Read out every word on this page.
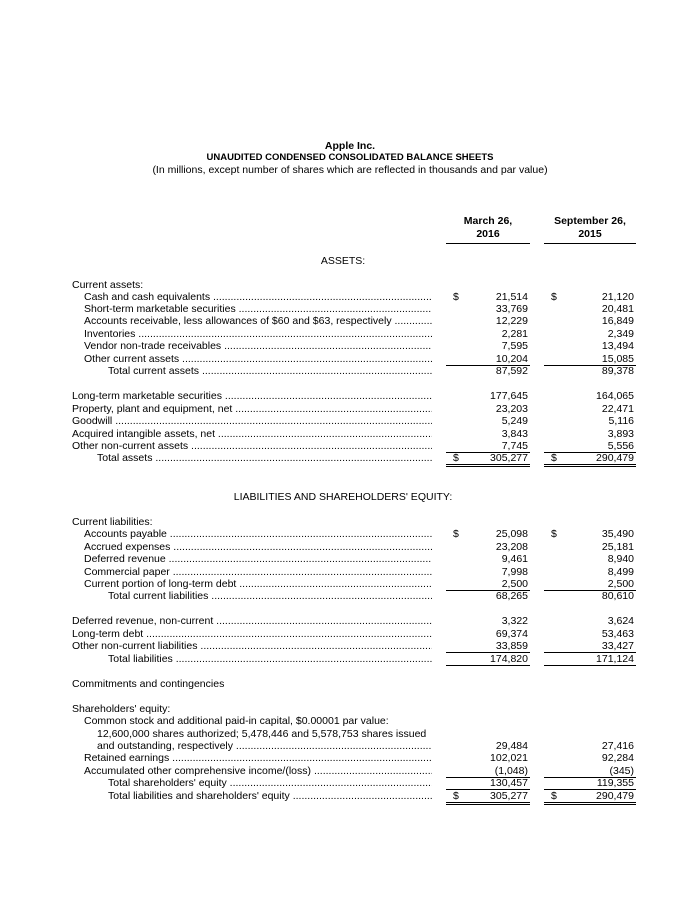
Apple Inc.
UNAUDITED CONDENSED CONSOLIDATED BALANCE SHEETS
(In millions, except number of shares which are reflected in thousands and par value)
March 26,
2016
September 26,
2015
ASSETS:
LIABILITIES AND SHAREHOLDERS' EQUITY:
Current assets:
Cash and cash equivalents .....	$	21,514 $	21,120
Short-term marketable securities .....	33,769	20,481
Accounts receivable, less allowances of $60 and $63, respectively .....	12,229	16,849
Inventories .....	2,281	2,349
Vendor non-trade receivables .....	7,595	13,494
Other current assets .....	10,204	15,085
Total current assets .....	87,592	89,378
Long-term marketable securities .....	177,645	164,065
Property, plant and equipment, net .....	23,203	22,471
Goodwill .....	5,249	5,116
Acquired intangible assets, net .....	3,843	3,893
Other non-current assets .....	7,745	5,556
Total assets .....	$	305,277 $	290,479
Current liabilities:
Accounts payable .....	$	25,098 $	35,490
Accrued expenses .....	23,208	25,181
Deferred revenue .....	9,461	8,940
Commercial paper .....	7,998	8,499
Current portion of long-term debt .....	2,500	2,500
Total current liabilities .....	68,265	80,610
Deferred revenue, non-current .....	3,322	3,624
Long-term debt .....	69,374	53,463
Other non-current liabilities .....	33,859	33,427
Total liabilities .....	174,820	171,124
Commitments and contingencies
Shareholders' equity:
Common stock and additional paid-in capital, $0.00001 par value:
12,600,000 shares authorized; 5,478,446 and 5,578,753 shares issued
and outstanding, respectively .....	29,484	27,416
Retained earnings .....	102,021	92,284
Accumulated other comprehensive income/(loss) .....	(1,048)	(345)
Total shareholders' equity .....	130,457	119,355
Total liabilities and shareholders' equity .....	$	305,277 $	290,479
